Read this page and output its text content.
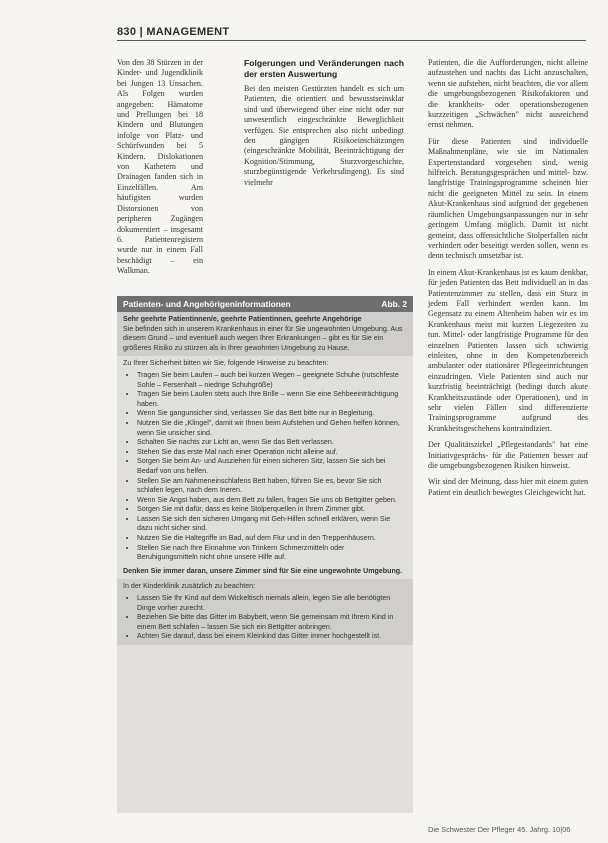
830 | MANAGEMENT

Von den 38 Stürzen in der Kinder- und Jugendklinik bei Jungen 13 Unsachen. Als Folgen wurden angegeben: Hämatome und Prellungen bei 18 Kindern und Blutungen infolge von Platz- und Schürfwunden bei 5 Kindern. Dislokationen von Kathetern und Drainagen fanden sich in Einzelfällen. Am häufigsten wurden Distorsionen von peripheren Zugängen dokumentiert – insgesamt 6. Patientenregistern wurde nur in einem Fall beschädigt – ein Walkman.

Folgerungen und Veränderungen nach der ersten Auswertung

Bei den meisten Gestürzten handelt es sich um Patienten, die orientiert und bewusstseinsklar sind und überwiegend über eine nicht oder nur unwesentlich eingeschränkte Beweglichkeit verfügen. Sie entsprechen also nicht unbedingt den gängigen Risikoeinschätzungen (eingeschränkte Mobilität, Beeinträchtigung der Kognition/Stimmung, Sturzvorgeschichte, sturzbegünstigende Verkehrsdingeng). Es sind vielmehr

Patienten, die die Aufforderungen, nicht alleine aufzustehen und nachts das Licht anzuschalten, wenn sie aufstehen, nicht beachten, die vor allem die umgebungsbezogenen Risikofaktoren und die krankheits- oder operationsbezogenen kurzzeitigen „Schwächen" nicht ausreichend ernst nehmen.

Für diese Patienten sind individuelle Maßnahmenpläne, wie sie im Nationalen Expertenstandard vorgesehen sind, wenig hilfreich. Beratungsgesprächen und mittel- bzw. langfristige Trainingsprogramme scheinen hier nicht die geeigneten Mittel zu sein. In einem Akut-Krankenhaus sind aufgrund der gegebenen räumlichen Umgebungsanpassungen nur in sehr geringem Umfang möglich. Damit ist nicht gemeint, dass offensichtliche Stolperfallen nicht verhindert oder beseitigt werden sollen, wenn es denn technisch umsetzbar ist.

In einem Akut-Krankenhaus ist es kaum denkbar, für jeden Patienten das Bett individuell an in das Patientenzimmer zu stellen, dass ein Sturz in jedem Fall verhindert werden kann. Im Gegensatz zu einem Altenheim haben wir es im Krankenhaus meist mit kurzen Liegezeiten zu tun. Mittel- oder langfristige Programme für den einzelnen Patienten lassen sich schwierig einleiten, ohne in den Kompetenzbereich ambulanter oder stationärer Pflegeeinrichtungen einzudringen. Viele Patienten sind auch nur kurzfristig beeinträchtigt (bedingt durch akute Krankheitszustände oder Operationen), und in sehr vielen Fällen sind differenzierte Trainingsprogramme aufgrund des Krankheitsgeschehens kontraindiziert.

Der Qualitätszirkel „Pflegestandards" hat eine Initiativgesprächs- für die Patienten besser auf die umgebungsbezogenen Risiken hinweist.

Wir sind der Meinung, dass hier mit einem guten Patient ein deutlich bewegtes Gleichgewicht hat.

Patienten- und Angehörigeninformationen	Abb. 2
Sehr geehrte Patientinnen/e, geehrte Patientinnen, geehrte Angehörige
Sie befinden sich in unserem Krankenhaus in einer für Sie ungewohnten Umgebung. Aus diesem Grund – und eventuell auch wegen Ihrer Erkrankungen – gibt es für Sie ein größeres Risiko zu stürzen als in Ihrer gewohnten Umgebung zu Hause.
Zu Ihrer Sicherheit bitten wir Sie, folgende Hinweise zu beachten:
• Tragen Sie beim Laufen – auch bei kurzen Wegen – geeignete Schuhe (rutschfeste Sohle – Fersenhalt – niedrige Schuhgröße)
• Tragen Sie beim Laufen stets auch Ihre Brille – wenn Sie eine Sehbeeinträchtigung haben.
• Wenn Sie gangunsicher sind, verlassen Sie das Bett bitte nur in Begleitung.
• Nutzen Sie die „Klingel", damit wir Ihnen beim Aufstehen und Gehen helfen können, wenn Sie unsicher sind.
• Schalten Sie nachts zur Licht an, wenn Sie das Bett verlassen.
• Stehen Sie das erste Mal nach einer Operation nicht alleine auf.
• Sorgen Sie beim An- und Ausziehen für einen sicheren Sitz, lassen Sie sich bei Bedarf von uns helfen.
• Stellen Sie am Nahmeneinschlafens Bett haben, führen Sie es, bevor Sie sich schlafen legen, nach dem Ineren.
• Wenn Sie Angst haben, aus dem Bett zu fallen, fragen Sie uns ob Bettgitter geben.
• Sorgen Sie mit dafür, dass es keine Stolperquellen in Ihrem Zimmer gibt.
• Lassen Sie sich den sicheren Umgang mit Geh-Hilfen schnell erklären, wenn Sie dazu nicht sicher sind.
• Nutzen Sie die Haltegriffe im Bad, auf dem Flur und in den Treppenhäusern.
• Stellen Sie nach Ihre Einnahme von Trinkern Schmerzmitteln oder Beruhigungsmitteln nicht ohne unsere Hilfe auf.
Denken Sie immer daran, unsere Zimmer sind für Sie eine ungewohnte Umgebung.
In der Kinderklinik zusätzlich zu beachten:
• Lassen Sie Ihr Kind auf dem Wickeltisch niemals allein, legen Sie alle benötigten Dinge vorher zurecht.
• Beziehen Sie bitte das Gitter im Babybett, wenn Sie gemeinsam mit Ihrem Kind in einem Bett schlafen – lassen Sie sich ein Bettgitter anbringen.
• Achten Sie darauf, dass bei einem Kleinkind das Gitter immer hochgestellt ist.
Die Schwester Der Pfleger 45. Jahrg. 10|06
